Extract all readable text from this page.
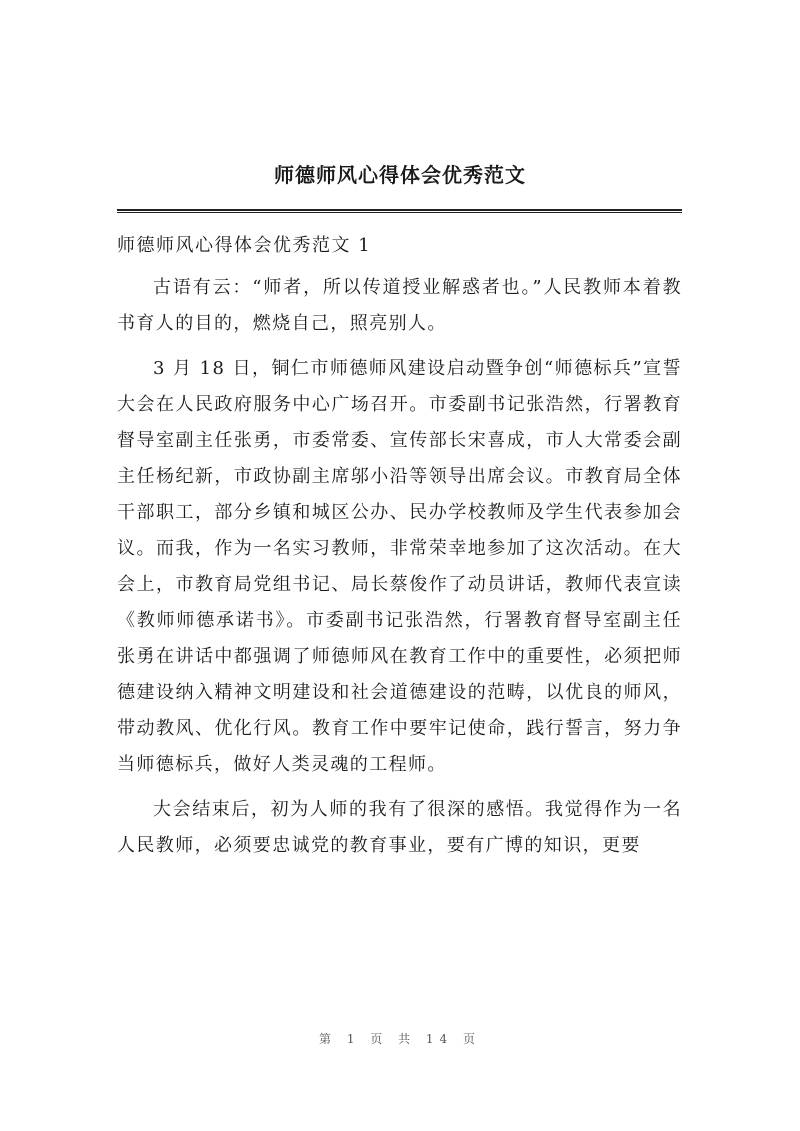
师德师风心得体会优秀范文
师德师风心得体会优秀范文 1

古语有云：“师者，所以传道授业解惑者也。”人民教师本着教书育人的目的，燃烧自己，照亮别人。

3 月 18 日，铜仁市师德师风建设启动暨争创“师德标兵”宣誓大会在人民政府服务中心广场召开。市委副书记张浩然，行署教育督导室副主任张勇，市委常委、宣传部长宋喜成，市人大常委会副主任杨纪新，市政协副主席邬小沿等领导出席会议。市教育局全体干部职工，部分乡镇和城区公办、民办学校教师及学生代表参加会议。而我，作为一名实习教师，非常荣幸地参加了这次活动。在大会上，市教育局党组书记、局长蔡俊作了动员讲话，教师代表宣读《教师师德承诺书》。市委副书记张浩然，行署教育督导室副主任张勇在讲话中都强调了师德师风在教育工作中的重要性，必须把师德建设纳入精神文明建设和社会道德建设的范畴，以优良的师风，带动教风、优化行风。教育工作中要牢记使命，践行誓言，努力争当师德标兵，做好人类灵魂的工程师。

大会结束后，初为人师的我有了很深的感悟。我觉得作为一名人民教师，必须要忠诚党的教育事业，要有广博的知识，更要

第 1 页 共 14 页
